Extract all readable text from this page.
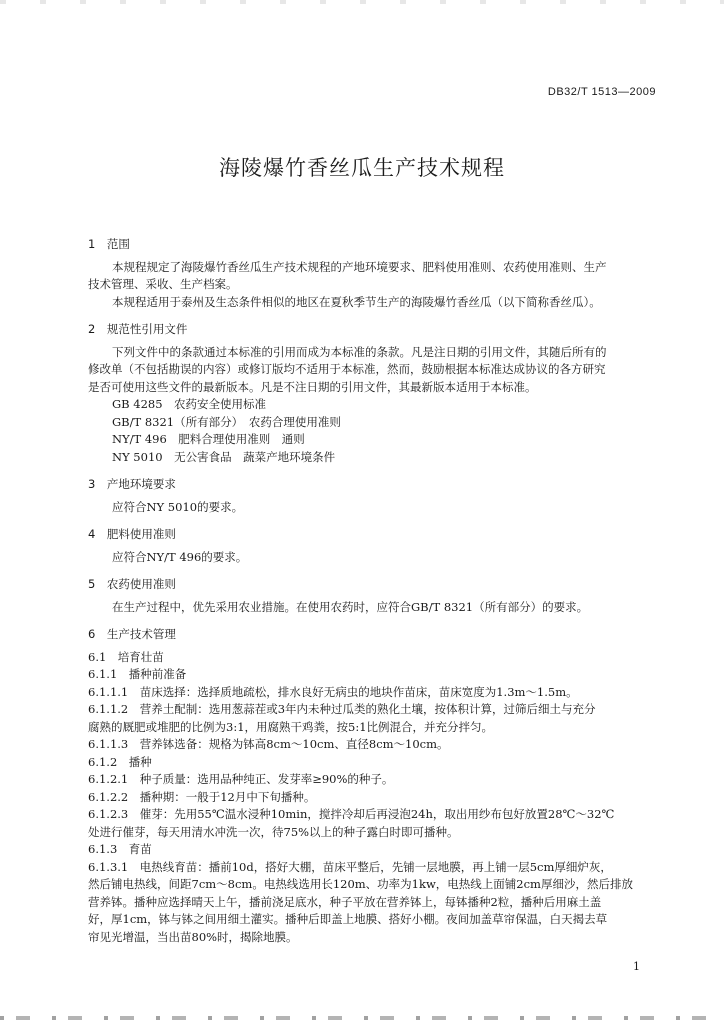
DB32/T 1513—2009
海陵爆竹香丝瓜生产技术规程
1　范围
本规程规定了海陵爆竹香丝瓜生产技术规程的产地环境要求、肥料使用准则、农药使用准则、生产
技术管理、采收、生产档案。
本规程适用于泰州及生态条件相似的地区在夏秋季节生产的海陵爆竹香丝瓜（以下简称香丝瓜）。
2　规范性引用文件
下列文件中的条款通过本标准的引用而成为本标准的条款。凡是注日期的引用文件，其随后所有的
修改单（不包括勘误的内容）或修订版均不适用于本标准，然而，鼓励根据本标准达成协议的各方研究
是否可使用这些文件的最新版本。凡是不注日期的引用文件，其最新版本适用于本标准。
GB 4285　农药安全使用标准
GB/T 8321（所有部分）　农药合理使用准则
NY/T 496　肥料合理使用准则　通则
NY 5010　无公害食品　蔬菜产地环境条件
3　产地环境要求
应符合NY 5010的要求。
4　肥料使用准则
应符合NY/T 496的要求。
5　农药使用准则
在生产过程中，优先采用农业措施。在使用农药时，应符合GB/T 8321（所有部分）的要求。
6　生产技术管理
6.1　培育壮苗
6.1.1　播种前准备
6.1.1.1　苗床选择：选择质地疏松，排水良好无病虫的地块作苗床，苗床宽度为1.3m～1.5m。
6.1.1.2　营养土配制：选用葱蒜茬或3年内未种过瓜类的熟化土壤，按体积计算，过筛后细土与充分
腐熟的厩肥或堆肥的比例为3:1，用腐熟干鸡粪，按5:1比例混合，并充分拌匀。
6.1.1.3　营养钵选备：规格为钵高8cm～10cm、直径8cm～10cm。
6.1.2　播种
6.1.2.1　种子质量：选用品种纯正、发芽率≥90%的种子。
6.1.2.2　播种期：一般于12月中下旬播种。
6.1.2.3　催芽：先用55℃温水浸种10min，搅拌冷却后再浸泡24h，取出用纱布包好放置28℃～32℃
处进行催芽，每天用清水冲洗一次，待75%以上的种子露白时即可播种。
6.1.3　育苗
6.1.3.1　电热线育苗：播前10d，搭好大棚，苗床平整后，先铺一层地膜，再上铺一层5cm厚细炉灰，
然后铺电热线，间距7cm～8cm。电热线选用长120m、功率为1kw，电热线上面铺2cm厚细沙，然后排放
营养钵。播种应选择晴天上午，播前浇足底水，种子平放在营养钵上，每钵播种2粒，播种后用麻土盖
好，厚1cm，钵与钵之间用细土灌实。播种后即盖上地膜、搭好小棚。夜间加盖草帘保温，白天揭去草
帘见光增温，当出苗80%时，揭除地膜。
1
